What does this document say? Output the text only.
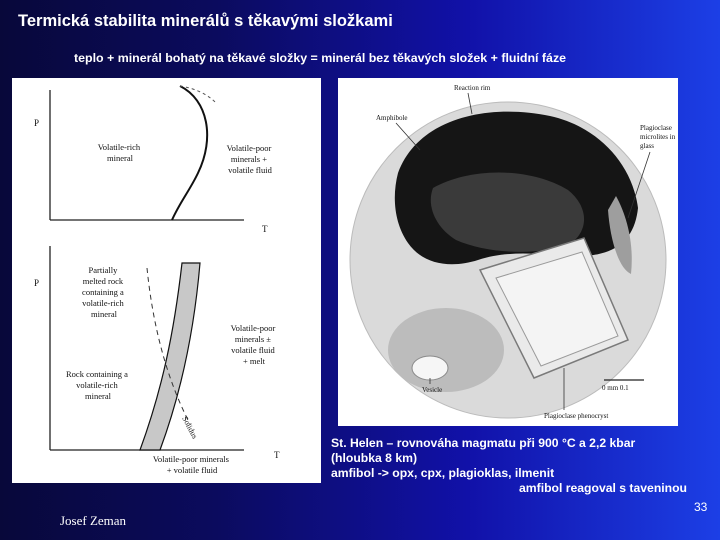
Termická stabilita minerálů s těkavými složkami
teplo + minerál bohatý na těkavé složky = minerál bez těkavých složek + fluidní fáze
P
T
Volatile-rich mineral
Volatile-poor minerals + volatile fluid
P
T
Solidus
Partially melted rock containing a volatile-rich mineral
Volatile-poor minerals ± volatile fluid + melt
Rock containing a volatile-rich mineral
Volatile-poor minerals + volatile fluid
Reaction rim
Amphibole
Plagioclase microlites in glass
Vesicle
Plagioclase phenocryst
0 mm 0.1
St. Helen – rovnováha magmatu při 900 °C a 2,2 kbar
(hloubka 8 km)
amfibol -> opx, cpx, plagioklas, ilmenit
amfibol reagoval s taveninou
Josef Zeman
33
